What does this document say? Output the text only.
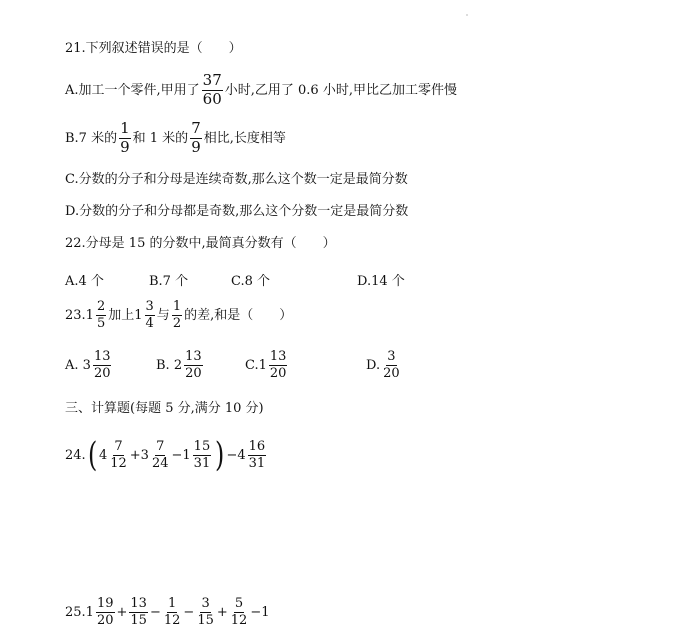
21.下列叙述错误的是（　　）
A.加工一个零件,甲用了 $\frac{37}{60}$ 小时,乙用了 0.6 小时,甲比乙加工零件慢
B.7 米的 $\frac{1}{9}$ 和 1 米的 $\frac{7}{9}$ 相比,长度相等
C.分数的分子和分母是连续奇数,那么这个数一定是最简分数
D.分数的分子和分母都是奇数,那么这个分数一定是最简分数
22.分母是 15 的分数中,最简真分数有（　　）
A.4 个	B.7 个	C.8 个	D.14 个
$23.1 \frac{2}{5}$ 加上$1 \frac{3}{4}$ 与 $\frac{1}{2}$ 的差,和是（　　）
A. $3 \frac{13}{20}$	B. $2 \frac{13}{20}$	$C.1 \frac{13}{20}$	D. $\frac{3}{20}$
三、计算题(每题 5 分,满分 10 分)
24. ( $4 \frac{7}{12} +3 \frac{7}{24} -1 \frac{15}{31}$ ) $-4 \frac{16}{31}$
$25.1 \frac{19}{20} + \frac{13}{15} - \frac{1}{12} - \frac{3}{15} + \frac{5}{12} -1$
